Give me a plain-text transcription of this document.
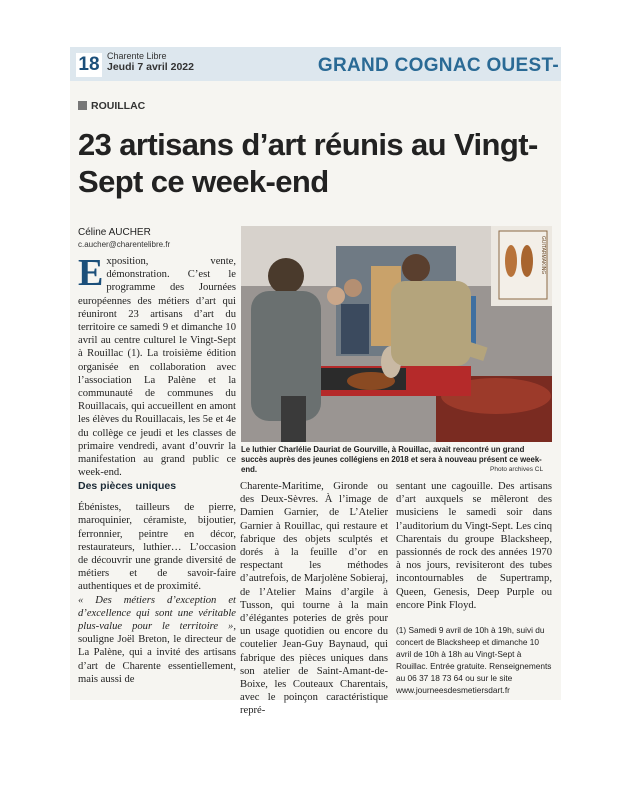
18 Charente Libre
Jeudi 7 avril 2022	GRAND COGNAC OUEST-
ROUILLAC
23 artisans d’art réunis au Vingt-Sept ce week-end
Céline AUCHER
c.aucher@charentelibre.fr
Exposition, vente, démonstration. C’est le programme des Journées européennes des métiers d’art qui réuniront 23 artisans d’art du territoire ce samedi 9 et dimanche 10 avril au centre culturel le Vingt-Sept à Rouillac (1). La troisième édition organisée en collaboration avec l’association La Palène et la communauté de communes du Rouillacais, qui accueillent en amont les élèves du Rouillacais, les 5e et 4e du collège ce jeudi et les classes de primaire vendredi, avant d’ouvrir la manifestation au grand public ce week-end.
GUITARMAKING
Le luthier Charlélie Dauriat de Gourville, à Rouillac, avait rencontré un grand succès auprès des jeunes collégiens en 2018 et sera à nouveau présent ce week-end.	Photo archives CL

Des pièces uniques

Ébénistes, tailleurs de pierre, maroquinier, céramiste, bijoutier, ferronnier, peintre en décor, restaurateurs, luthier… L’occasion de découvrir une grande diversité de métiers et de savoir-faire authentiques et de proximité.
« Des métiers d’exception et d’excellence qui sont une véritable plus-value pour le territoire », souligne Joël Breton, le directeur de La Palène, qui a invité des artisans d’art de Charente essentiellement, mais aussi de
Charente-Maritime, Gironde ou des Deux-Sèvres. À l’image de Damien Garnier, de L’Atelier Garnier à Rouillac, qui restaure et fabrique des objets sculptés et dorés à la feuille d’or en respectant les méthodes d’autrefois, de Marjolène Sobieraj, de l’Atelier Mains d’argile à Tusson, qui tourne à la main d’élégantes poteries de grès pour un usage quotidien ou encore du coutelier Jean-Guy Baynaud, qui fabrique des pièces uniques dans son atelier de Saint-Amant-de-Boixe, les Couteaux Charentais, avec le poinçon caractéristique repré-
sentant une cagouille. Des artisans d’art auxquels se mêleront des musiciens le samedi soir dans l’auditorium du Vingt-Sept. Les cinq Charentais du groupe Blacksheep, passionnés de rock des années 1970 à nos jours, revisiteront des tubes incontournables de Supertramp, Queen, Genesis, Deep Purple ou encore Pink Floyd.
(1) Samedi 9 avril de 10h à 19h, suivi du concert de Blacksheep et dimanche 10 avril de 10h à 18h au Vingt-Sept à Rouillac. Entrée gratuite. Renseignements au 06 37 18 73 64 ou sur le site www.journeesdesmetiersdart.fr
